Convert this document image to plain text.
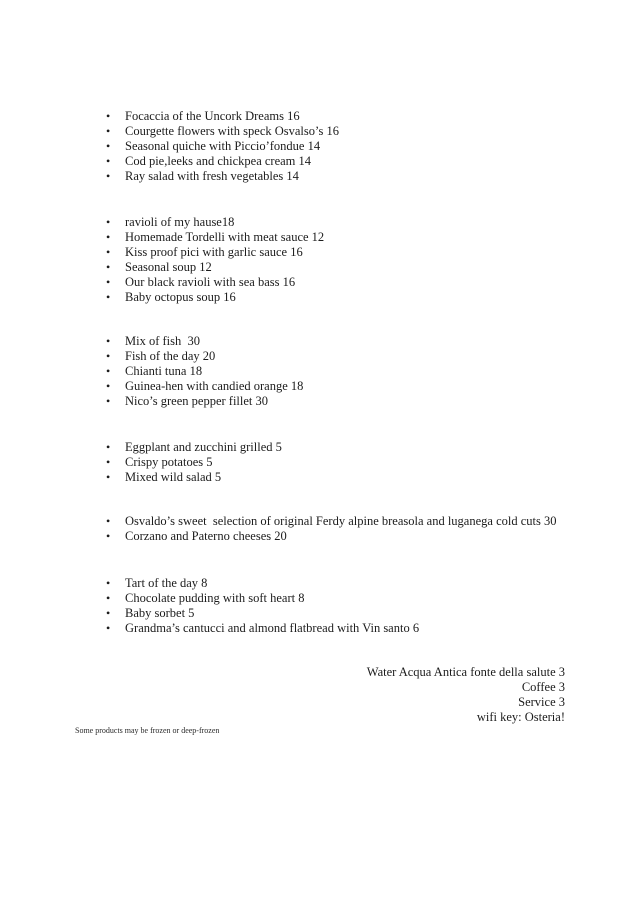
•	Focaccia of the Uncork Dreams 16
•	Courgette flowers with speck Osvalso’s 16
•	Seasonal quiche with Piccio’fondue 14
•	Cod pie,leeks and chickpea cream 14
•	Ray salad with fresh vegetables 14
•	ravioli of my hause18
•	Homemade Tordelli with meat sauce 12
•	Kiss proof pici with garlic sauce 16
•	Seasonal soup 12
•	Our black ravioli with sea bass 16
•	Baby octopus soup 16
•	Mix of fish  30
•	Fish of the day 20
•	Chianti tuna 18
•	Guinea-hen with candied orange 18
•	Nico’s green pepper fillet 30
•	Eggplant and zucchini grilled 5
•	Crispy potatoes 5
•	Mixed wild salad 5
•	Osvaldo’s sweet  selection of original Ferdy alpine breasola and luganega cold cuts 30
•	Corzano and Paterno cheeses 20
•	Tart of the day 8
•	Chocolate pudding with soft heart 8
•	Baby sorbet 5
•	Grandma’s cantucci and almond flatbread with Vin santo 6
Water Acqua Antica fonte della salute 3
Coffee 3
Service 3
wifi key: Osteria!
Some products may be frozen or deep-frozen
